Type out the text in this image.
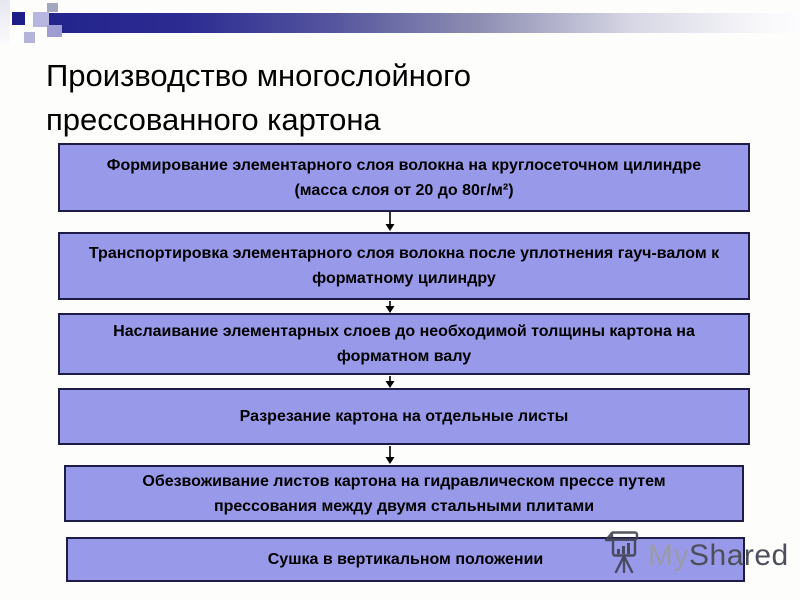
Производство многослойного
прессованного картона
Формирование элементарного слоя волокна на круглосеточном цилиндре (масса слоя от 20 до 80г/м²)
Транспортировка элементарного слоя волокна после уплотнения гауч-валом к форматному цилиндру
Наслаивание элементарных слоев до необходимой толщины картона на форматном валу
Разрезание картона на отдельные листы
Обезвоживание листов картона на гидравлическом прессе путем прессования между двумя стальными плитами
Сушка в вертикальном положении	MyShared
